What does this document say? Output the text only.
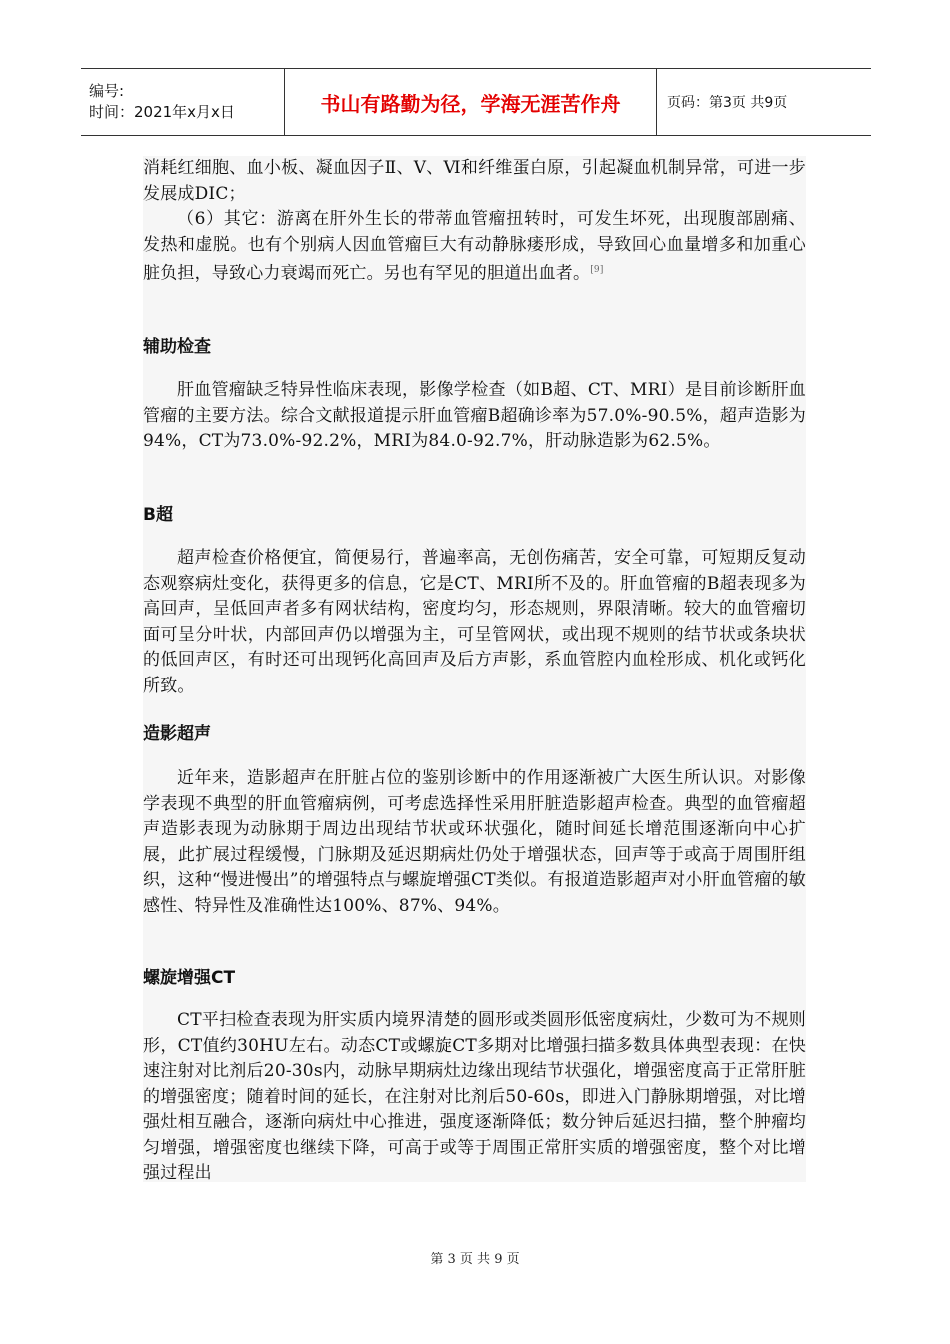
编号:
时间：2021年x月x日	书山有路勤为径，学海无涯苦作舟	页码：第3页 共9页

消耗红细胞、血小板、凝血因子Ⅱ、Ⅴ、Ⅵ和纤维蛋白原，引起凝血机制异常，可进一步发展成DIC；

（6）其它：游离在肝外生长的带蒂血管瘤扭转时，可发生坏死，出现腹部剧痛、发热和虚脱。也有个别病人因血管瘤巨大有动静脉瘘形成，导致回心血量增多和加重心脏负担，导致心力衰竭而死亡。另也有罕见的胆道出血者。[9]

辅助检查

肝血管瘤缺乏特异性临床表现，影像学检查（如B超、CT、MRI）是目前诊断肝血管瘤的主要方法。综合文献报道提示肝血管瘤B超确诊率为57.0%-90.5%，超声造影为94%，CT为73.0%-92.2%，MRI为84.0-92.7%，肝动脉造影为62.5%。

B超

超声检查价格便宜，简便易行，普遍率高，无创伤痛苦，安全可靠，可短期反复动态观察病灶变化，获得更多的信息，它是CT、MRI所不及的。肝血管瘤的B超表现多为高回声，呈低回声者多有网状结构，密度均匀，形态规则，界限清晰。较大的血管瘤切面可呈分叶状，内部回声仍以增强为主，可呈管网状，或出现不规则的结节状或条块状的低回声区，有时还可出现钙化高回声及后方声影，系血管腔内血栓形成、机化或钙化所致。

造影超声

近年来，造影超声在肝脏占位的鉴别诊断中的作用逐渐被广大医生所认识。对影像学表现不典型的肝血管瘤病例，可考虑选择性采用肝脏造影超声检查。典型的血管瘤超声造影表现为动脉期于周边出现结节状或环状强化，随时间延长增范围逐渐向中心扩展，此扩展过程缓慢，门脉期及延迟期病灶仍处于增强状态，回声等于或高于周围肝组织，这种“慢进慢出”的增强特点与螺旋增强CT类似。有报道造影超声对小肝血管瘤的敏感性、特异性及准确性达100%、87%、94%。

螺旋增强CT

CT平扫检查表现为肝实质内境界清楚的圆形或类圆形低密度病灶，少数可为不规则形，CT值约30HU左右。动态CT或螺旋CT多期对比增强扫描多数具体典型表现：在快速注射对比剂后20-30s内，动脉早期病灶边缘出现结节状强化，增强密度高于正常肝脏的增强密度；随着时间的延长，在注射对比剂后50-60s，即进入门静脉期增强，对比增强灶相互融合，逐渐向病灶中心推进，强度逐渐降低；数分钟后延迟扫描，整个肿瘤均匀增强，增强密度也继续下降，可高于或等于周围正常肝实质的增强密度，整个对比增强过程出

第 3 页 共 9 页
